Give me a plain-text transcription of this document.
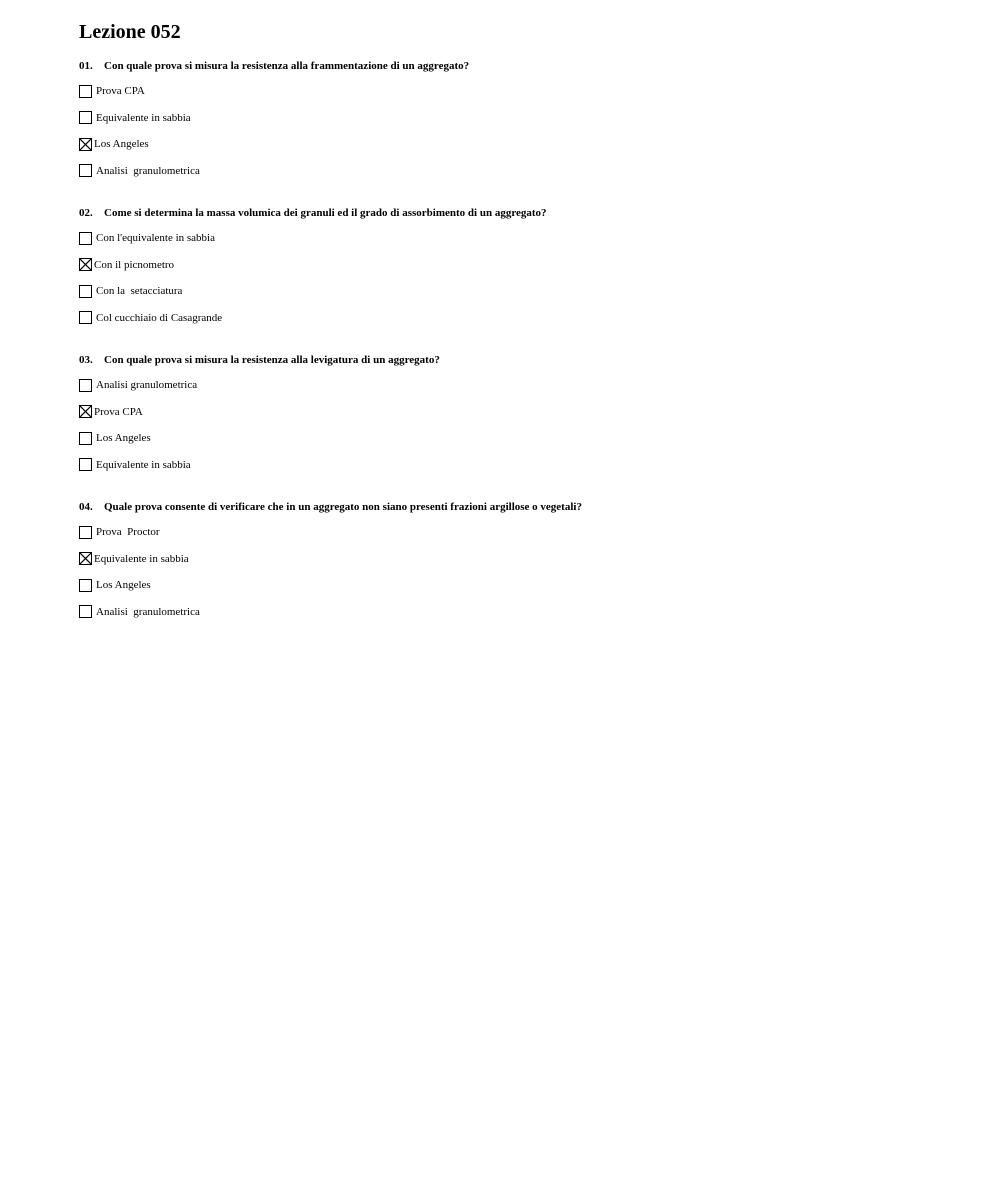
Lezione 052

01. Con quale prova si misura la resistenza alla frammentazione di un aggregato?

Prova CPA
Equivalente in sabbia
Los Angeles
Analisi  granulometrica

02. Come si determina la massa volumica dei granuli ed il grado di assorbimento di un aggregato?

Con l'equivalente in sabbia
Con il picnometro
Con la  setacciatura
Col cucchiaio di Casagrande

03. Con quale prova si misura la resistenza alla levigatura di un aggregato?

Analisi granulometrica
Prova CPA
Los Angeles
Equivalente in sabbia

04. Quale prova consente di verificare che in un aggregato non siano presenti frazioni argillose o vegetali?

Prova  Proctor
Equivalente in sabbia
Los Angeles
Analisi  granulometrica
